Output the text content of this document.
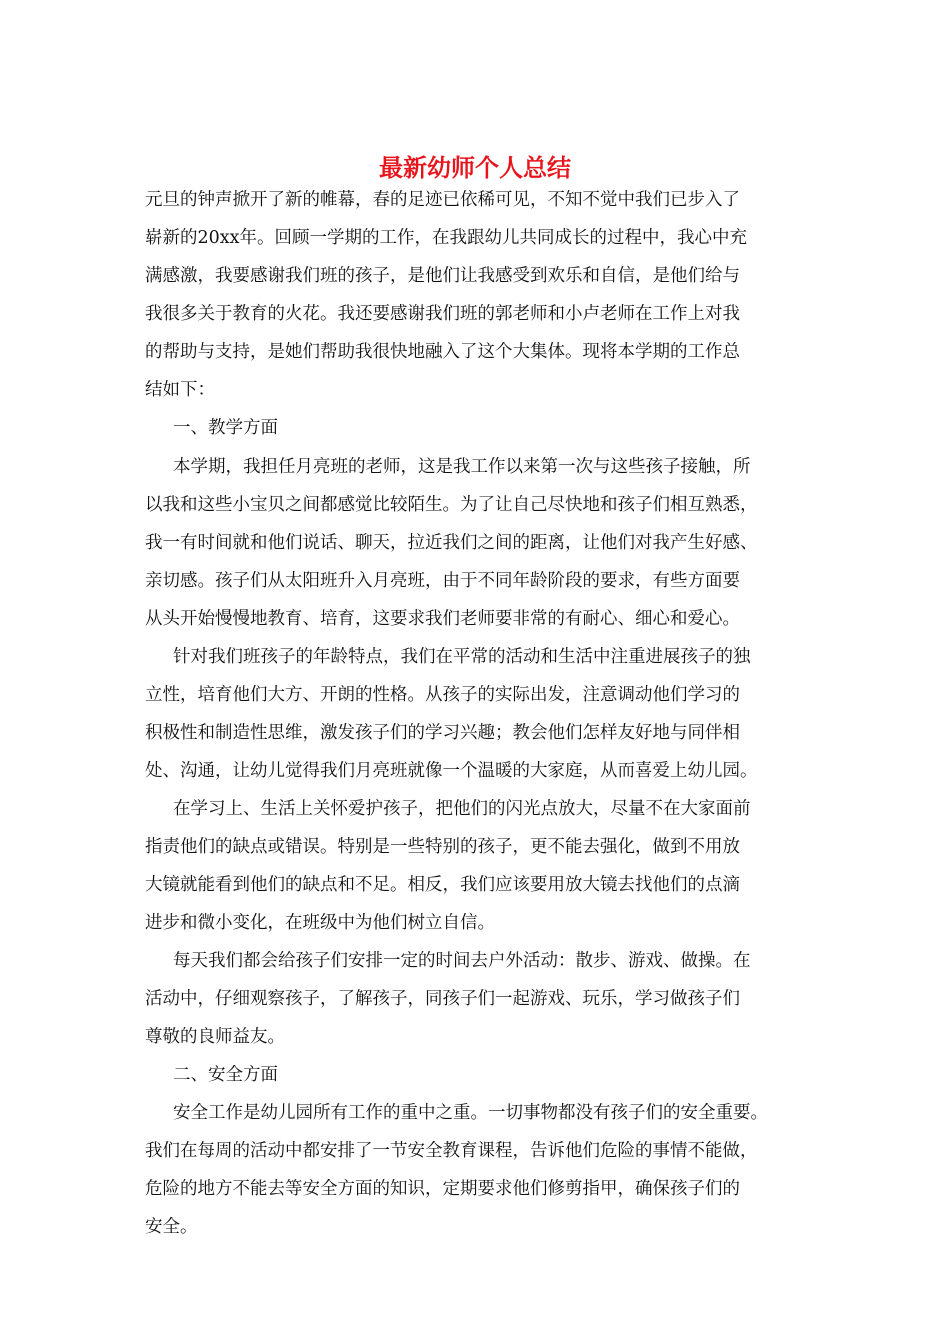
最新幼师个人总结
元旦的钟声掀开了新的帷幕，春的足迹已依稀可见，不知不觉中我们已步入了
崭新的20xx年。回顾一学期的工作，在我跟幼儿共同成长的过程中，我心中充
满感激，我要感谢我们班的孩子，是他们让我感受到欢乐和自信，是他们给与
我很多关于教育的火花。我还要感谢我们班的郭老师和小卢老师在工作上对我
的帮助与支持，是她们帮助我很快地融入了这个大集体。现将本学期的工作总
结如下：
一、教学方面
本学期，我担任月亮班的老师，这是我工作以来第一次与这些孩子接触，所
以我和这些小宝贝之间都感觉比较陌生。为了让自己尽快地和孩子们相互熟悉，
我一有时间就和他们说话、聊天，拉近我们之间的距离，让他们对我产生好感、
亲切感。孩子们从太阳班升入月亮班，由于不同年龄阶段的要求，有些方面要
从头开始慢慢地教育、培育，这要求我们老师要非常的有耐心、细心和爱心。
针对我们班孩子的年龄特点，我们在平常的活动和生活中注重进展孩子的独
立性，培育他们大方、开朗的性格。从孩子的实际出发，注意调动他们学习的
积极性和制造性思维，激发孩子们的学习兴趣；教会他们怎样友好地与同伴相
处、沟通，让幼儿觉得我们月亮班就像一个温暖的大家庭，从而喜爱上幼儿园。
在学习上、生活上关怀爱护孩子，把他们的闪光点放大，尽量不在大家面前
指责他们的缺点或错误。特别是一些特别的孩子，更不能去强化，做到不用放
大镜就能看到他们的缺点和不足。相反，我们应该要用放大镜去找他们的点滴
进步和微小变化，在班级中为他们树立自信。
每天我们都会给孩子们安排一定的时间去户外活动：散步、游戏、做操。在
活动中，仔细观察孩子，了解孩子，同孩子们一起游戏、玩乐，学习做孩子们
尊敬的良师益友。
二、安全方面
安全工作是幼儿园所有工作的重中之重。一切事物都没有孩子们的安全重要。
我们在每周的活动中都安排了一节安全教育课程，告诉他们危险的事情不能做，
危险的地方不能去等安全方面的知识，定期要求他们修剪指甲，确保孩子们的
安全。
